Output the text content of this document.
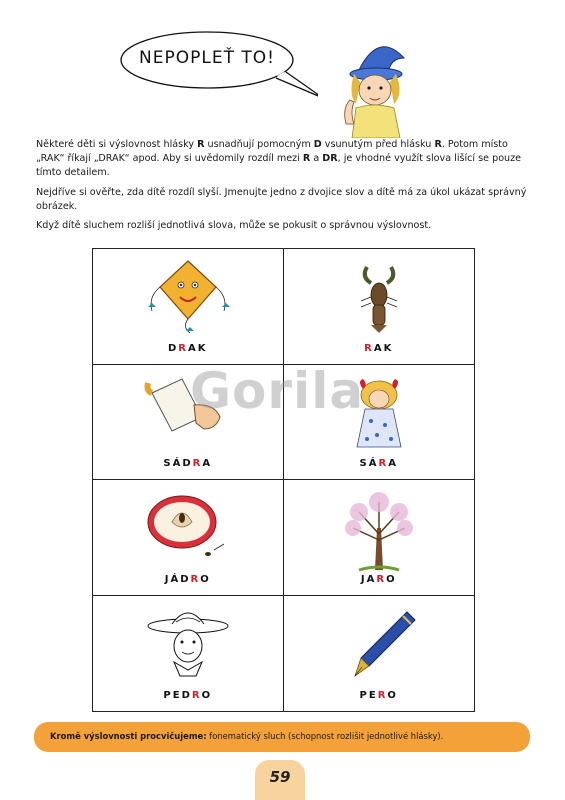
NEPOPLEŤ TO!

Některé děti si výslovnost hlásky R usnadňují pomocným D vsunutým před hlásku R. Potom místo „RAK“ říkají „DRAK“ apod. Aby si uvědomily rozdíl mezi R a DR, je vhodné využít slova lišící se pouze tímto detailem.

Nejdříve si ověřte, zda dítě rozdíl slyší. Jmenujte jedno z dvojice slov a dítě má za úkol ukázat správný obrázek.

Když dítě sluchem rozliší jednotlivá slova, může se pokusit o správnou výslovnost.

DRAK	RAK
SÁDRA	SÁRA
JÁDRO	JARO
PEDRO	PERO
Gorila
Kromě výslovnosti procvičujeme: fonematický sluch (schopnost rozlišit jednotlivé hlásky).
59
